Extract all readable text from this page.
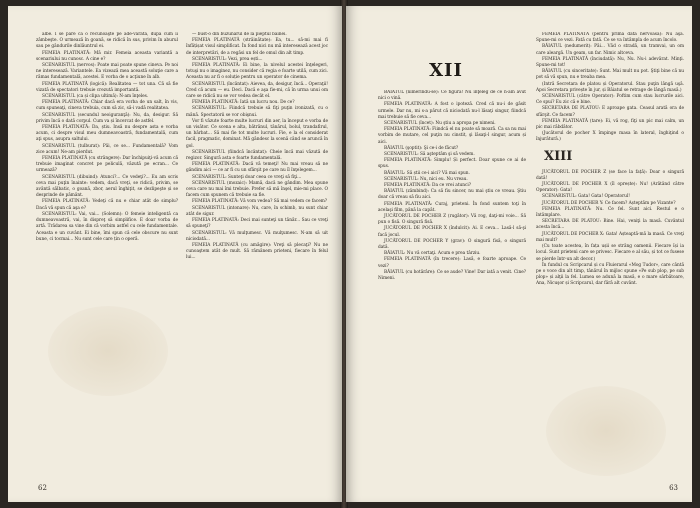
albe. I se pare că o recunoaşte pe ade-vărată, după cum îi zâmbeşte. O urmează în goană, se ridică în sus, privim în aburul sau pe gândurile dinlăuntrul ei.

FEMEIA PLATINATĂ: Mă mir. Femeia aceasta variantă a scenariului nu cunosc. A cine e?

SCENARISTUL (nervos): Poate mai poate spune cineva. Pe noi ne interesează. Variantele. Ea vizează mea această soluţie care a rămas fundamentală, acestei. E vorba de o acţiune în alb.

FEMEIA PLATINATĂ (logică): Realitatea — tot una. Că să fie vizată de spectatori trebuie crezută importantă.

SCENARISTUL (ca și clipa ultimă): N-am înţeles.

FEMEIA PLATINATĂ: Chiar dacă era vorba de un salt, în vis, cum spuneaţi, cineva trebuia, cum să zic, să-i vadă realitatea.

SCENARISTUL (secundul neoiguranţă): Nu, da, desigur. Să privim încă o dată corpul. Cum va și încercat de astfel.

FEMEIA PLATINATĂ: Da, știu. Insă nu despre asta e vorba acum, ci despre visul meu dumneavoastră, fundamentală, cum aţi spus, asupra saltului.

SCENARISTUL (tulburat): Păi, ce se... Fundamentală? Vom zice acum! Ne-am pierdut.

FEMEIA PLATINATĂ (cu strângere): Dar închipuiţi-vă acum că trebuie imaginat concret pe peliculă, văzută pe ecran... Ce urmează?

SCENARISTUL (dibuind): Atunci?... Ce vedeţi?... Eu am scris ceva mai puţin înainte: vedem, dacă vreţi, se ridică, privim, se avântă sălbatic, o goană, zbor, aerul înghiţit, se dezlipeşte și se desprinde de pământ.

FEMEIA PLATINATĂ: Vedeţi că nu e chiar atât de simplu? Dacă vă spun că aşa e?

SCENARISTUL: Vai, vai... (Solemn): O femeie inteligentă ca dumneavoastră, vai, în dispreţ să simplifice. E doar vorba de artă. Trădarea sa vine din că vorbim astfel cu cele fundamentale. Aceasta e un cuvânt. Ei bine, îmi spun că cele obscure nu sunt bune, ci tocmai... Nu sunt cele care țin o operă.

— bust-o din buzunarul de la pieptul bainei.

FEMEIA PLATINATĂ (străinătate): Ea, tu... să-mi mai fi înfățișat visul simplificat. În fond nici nu mă interesează acest joc de interpretări, de a regăsi un fel de omul din alt timp.

SCENARISTUL: Vezi, prea ești...

FEMEIA PLATINATĂ: Ei bine, la nivelul acestei înţelegeri, totuşi nu o imaginez, nu consider că regia e foarte utilă, cum zici. Aceasta nu ar fi o soluție pentru un operator de cinema.

SCENARISTUL (încântat): Aievea, da, desigur, încă... Operaţii! Cred că acum — eu. Deci. Dacă e aşa fie-mi, că în urma unui om care se ridică nu se vor vedea decât el.

FEMEIA PLATINATĂ: Iată un lucru nou. De ce?

SCENARISTUL: Fiindcă trebuie să fiţi puţin ironizată, cu o mână. Spectatorii se vor obişnui.

Vor fi văzute foarte multe lucruri din aer, la început e vorba de un visător. Ce scena e alta, bătrânul, tânărul, bolul, trandafirul, un bărbat... Să mai fie tot multe lucruri. Fie, e la el considerat facil, pragmatic, dominat. Mă gândesc la scenă când se aruncă în gol.

SCENARISTUL (fiindcă încântat): Cheie încă mai văzută de regizor. Singură asta e foarte fundamentală.

FEMEIA PLATINATĂ: Dacă vă temeţi! Nu mai vreau să ne gândim aici — ce ar fi cu un sfârşit pe care nu îl înţelegem...

SCENARISTUL: Sunteţi doar ceea ce vreţi să fiţi...

SCENARISTUL (mozaic): Mamă, dacă ne gândim. Mea spune ceva care nu mai îmi trebuie. Prefer să mă înşel, mie-mi place. O facem cum spunem că trebuie sa fie.

FEMEIA PLATINATĂ: Vă vom vedea? Să mai vedem ce facem?

SCENARISTUL (intonare): Nu, care, în schimb, nu sunt chiar atât de sigur.

FEMEIA PLATINATĂ: Deci mai sunteţi un tânăr... Sau ce vreţi să spuneţi?

SCENARISTUL: Vă mulţumesc. Vă mulţumesc. N-am să uit niciodată...

FEMEIA PLATINATĂ (cu amăgire): Vreţi să plecaţi? Nu ne cunoaştem atât de mult. Să rămânem prieteni, fiecare în felul lui...

62
XII

BĂIATUL (nimerindu-se): Ce figură! Nu înţeleg de ce n-am avut nici o vină.

FEMEIA PLATINATĂ: A fost o ipoteză. Cred că nu-i de găsit urmele. Dar nu, mi s-a părut că niciodată nu-l lăsaţi singur, fiindcă mai trebuie să fie ceva...

SCENARISTUL (încet): Nu ştiu a apropa pe nimeni.

FEMEIA PLATINATĂ: Fiindcă el nu poate să moară. Ca sa nu mai vorbim de mutare, cel puţin nu cinstit, şi lăsaţi-l singur, acum și aici.

BĂIATUL (şoptit): Şi ce-i de făcut?

SCENARISTUL: Să aşteptăm şi să vedem.

FEMEIA PLATINATĂ: Simplu! Și perfect. Doar spune ce ai de spus.

BĂIATUL: Să știi ce-i aici? Vă mai spun.

SCENARISTUL: Nu, nici eu. Nu vreau.

FEMEIA PLATINATĂ: Da ce vrei atunci?

BĂIATUL (zâmbind): Ca să fiu sincer, nu mai ştiu ce vreau. Ştiu doar că vreau să fiu aici.

FEMEIA PLATINATĂ: Curaj, prieteni. În fond suntem toţi în acelaşi film, până la capăt.

JUCĂTORUL DE POCHER Z (rugător): Vă rog, daţi-mi voie... Să pun o fisă. O singură fisă.

JUCĂTORUL DE POCHER X (îndulcit): Ai. E ceva... Lasă-l să-şi facă jocul.

JUCĂTORUL DE POCHER Y (grav): O singură fisă, o singură dată.

BĂIATUL: Nu vă certaţi. Acum e prea târziu.

FEMEIA PLATINATĂ (în trecere): Lasă, e foarte aproape. Ce vezi?

BĂIATUL (cu hotărâre): Ce se aude? Vine! Dar iată a venit. Cine? Nimeni.

FEMEIA PLATINATĂ (pentru prima dată nervoasă): Nu aşa. Spune-mi ce vezi. Fată cu fată. Ce se va întâmpla de acum încolo.

BĂIATUL (nedumerit): Păi... Văd o stradă, un tramvai, un om care aleargă. Un geam, un far. Nimic altceva.

FEMEIA PLATINATĂ (înciudată): Nu, Nu. Nu-i adevărat. Minţi. Spune-mi tot!

BĂIATUL (cu sinceritate): Sunt. Mai mult nu pot. Ştiţi bine că nu pot să vă spun, nu e treaba mea.

(Intră Secretara de platou și Operatorul. Stau puţin lângă uşă. Apoi Secretara privește în jur, și Băiatul se retrage de lângă masă.)

SCENARISTUL (către Operator): Poftim cum stau lucrurile aici. Ce spui? Eu zic că e bine.

SECRETARA DE PLATOU: E aproape gata. Ceasul arată ora de sfârşit. Ce facem?

FEMEIA PLATINATĂ (tare): Ei, vă rog, fiţi un pic mai calm, un pic mai răbdător.

(Jucătorul de pocher X împinge masa în lateral, înghiţind o înjurătură.)

XIII

JUCĂTORUL DE POCHER Z (se face la față): Doar o singură dată!

JUCĂTORUL DE POCHER X (îl oprește): Nu! (Arătând către Operator): Gata!

SCENARISTUL: Gata! Gata! Operatorul!

JUCĂTORUL DE POCHER Y: Ce facem? Așteptăm pe Vizante?

FEMEIA PLATINATĂ: Nu. Ce fel. Sunt aici. Restul e o întâmplare.

SECRETARA DE PLATOU: Bine. Hai, veniţi la masă. Cuvântul acesta încă...

JUCĂTORUL DE POCHER X: Gata! Așteaptă-mă la masă. Ce vreţi mai mult?

(Cu toate acestea, în fața ușii se strâng oamenii. Fiecare își ia locul. Sunt prieteni care se privesc. Fiecare e al său, și tot ce fusese se pierde într-un alt decor.)

În fundul cu Scripcarul și cu Fluierarul «Mog Tudor», care cântă pe o voce din alt timp, tânărul în mijloc spune «Pe sub plop, pe sub plop» și alţii la fel. Lumea se adună la masă, e o mare sărbătoare, Ana, Nicuşor și Scripcarul, dar fără alt cuvânt.

63
